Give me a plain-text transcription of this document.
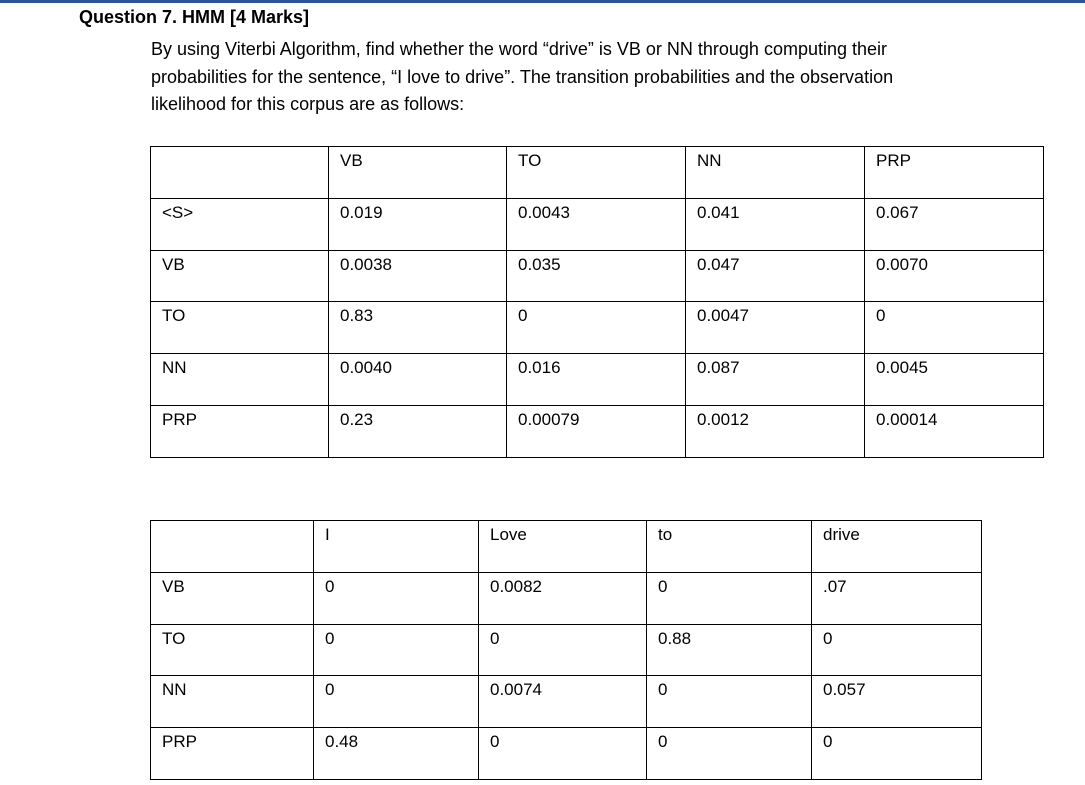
Question 7. HMM [4 Marks]

By using Viterbi Algorithm, find whether the word “drive” is VB or NN through computing their
probabilities for the sentence, “I love to drive”. The transition probabilities and the observation
likelihood for this corpus are as follows:

	VB	TO	NN	PRP
<S>	0.019	0.0043	0.041	0.067
VB	0.0038	0.035	0.047	0.0070
TO	0.83	0	0.0047	0
NN	0.0040	0.016	0.087	0.0045
PRP	0.23	0.00079	0.0012	0.00014
	I	Love	to	drive
VB	0	0.0082	0	.07
TO	0	0	0.88	0
NN	0	0.0074	0	0.057
PRP	0.48	0	0	0
